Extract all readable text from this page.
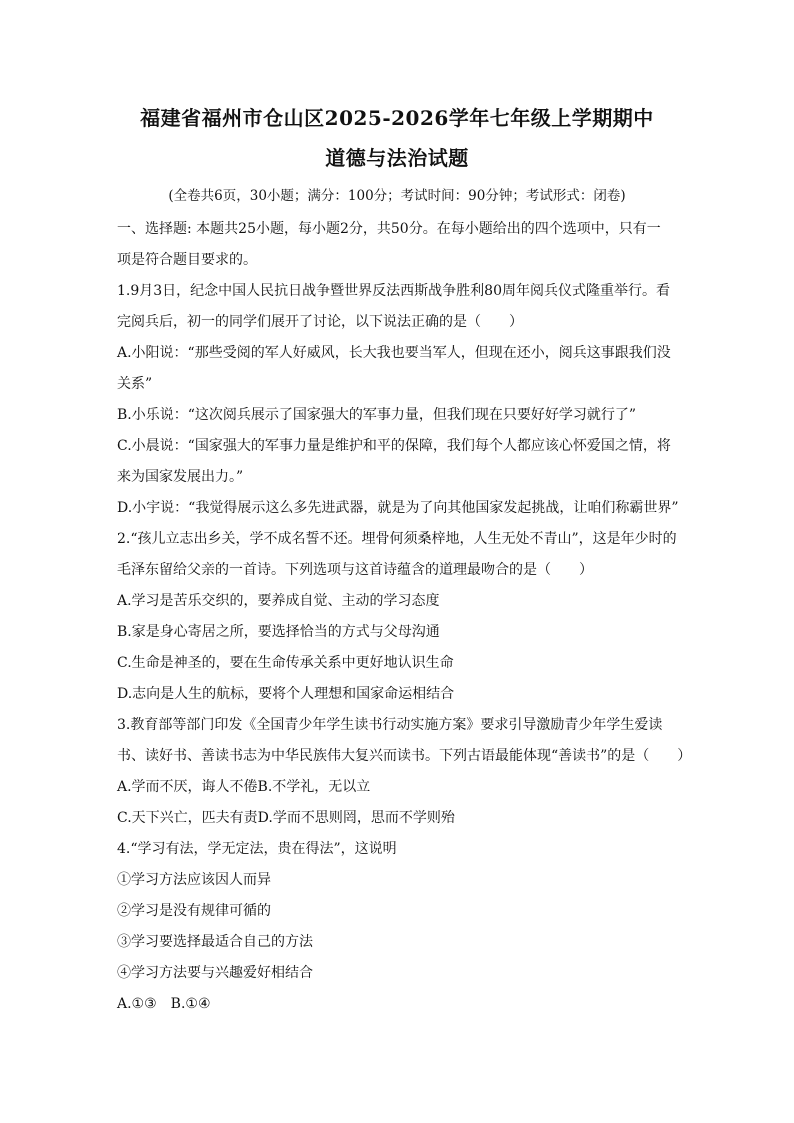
福建省福州市仓山区2025-2026学年七年级上学期期中
道德与法治试题
(全卷共6页，30小题；满分：100分；考试时间：90分钟；考试形式：闭卷)
一、选择题: 本题共25小题，每小题2分，共50分。在每小题给出的四个选项中，只有一
项是符合题目要求的。
1.9月3日，纪念中国人民抗日战争暨世界反法西斯战争胜利80周年阅兵仪式隆重举行。看
完阅兵后，初一的同学们展开了讨论，以下说法正确的是（　　）
A.小阳说：“那些受阅的军人好威风，长大我也要当军人，但现在还小，阅兵这事跟我们没
关系”
B.小乐说：“这次阅兵展示了国家强大的军事力量，但我们现在只要好好学习就行了”
C.小晨说：“国家强大的军事力量是维护和平的保障，我们每个人都应该心怀爱国之情，将
来为国家发展出力。”
D.小宇说：“我觉得展示这么多先进武器，就是为了向其他国家发起挑战，让咱们称霸世界”
2.“孩儿立志出乡关，学不成名誓不还。埋骨何须桑梓地，人生无处不青山”，这是年少时的
毛泽东留给父亲的一首诗。下列选项与这首诗蕴含的道理最吻合的是（　　）
A.学习是苦乐交织的，要养成自觉、主动的学习态度
B.家是身心寄居之所，要选择恰当的方式与父母沟通
C.生命是神圣的，要在生命传承关系中更好地认识生命
D.志向是人生的航标，要将个人理想和国家命运相结合
3.教育部等部门印发《全国青少年学生读书行动实施方案》要求引导激励青少年学生爱读
书、读好书、善读书志为中华民族伟大复兴而读书。下列古语最能体现“善读书”的是（　　）
A.学而不厌，诲人不倦B.不学礼，无以立
C.天下兴亡，匹夫有责D.学而不思则罔，思而不学则殆
4.“学习有法，学无定法，贵在得法”，这说明
①学习方法应该因人而异
②学习是没有规律可循的
③学习要选择最适合自己的方法
④学习方法要与兴趣爱好相结合
A.①③　B.①④
